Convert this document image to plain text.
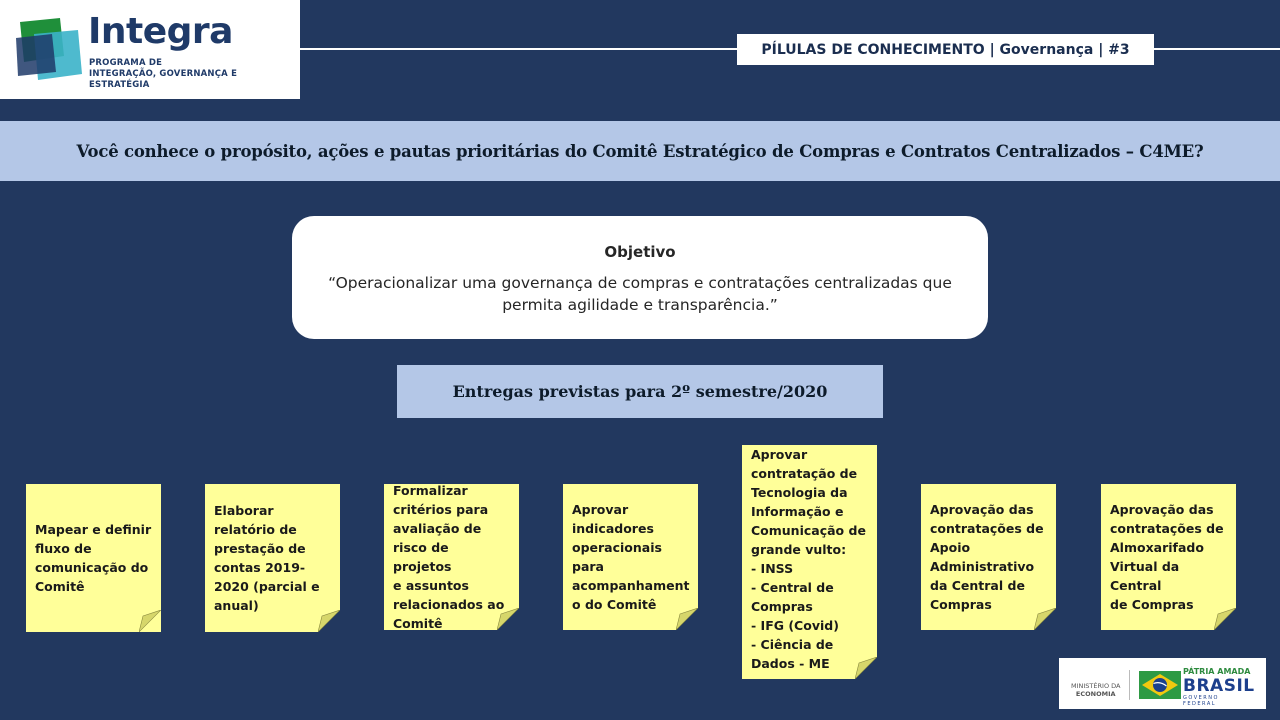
Integra
PROGRAMA DE
INTEGRAÇÃO, GOVERNANÇA E ESTRATÉGIA
PÍLULAS DE CONHECIMENTO | Governança | #3
Você conhece o propósito, ações e pautas prioritárias do Comitê Estratégico de Compras e Contratos Centralizados – C4ME?
Objetivo
“Operacionalizar uma governança de compras e contratações centralizadas que permita agilidade e transparência.”
Entregas previstas para 2º semestre/2020
Mapear e definir
fluxo de
comunicação do
Comitê
Elaborar
relatório de
prestação de
contas 2019-
2020 (parcial e
anual)
Formalizar
critérios para
avaliação de
risco de projetos
e assuntos
relacionados ao
Comitê
Aprovar
indicadores
operacionais
para
acompanhament
o do Comitê
Aprovar
contratação de
Tecnologia da
Informação e
Comunicação de
grande vulto:
- INSS
- Central de
Compras
- IFG (Covid)
- Ciência de
Dados - ME
Aprovação das
contratações de
Apoio
Administrativo
da Central de
Compras
Aprovação das
contratações de
Almoxarifado
Virtual da Central
de Compras
MINISTÉRIO DA
ECONOMIA
PÁTRIA AMADA
BRASIL
GOVERNO FEDERAL
